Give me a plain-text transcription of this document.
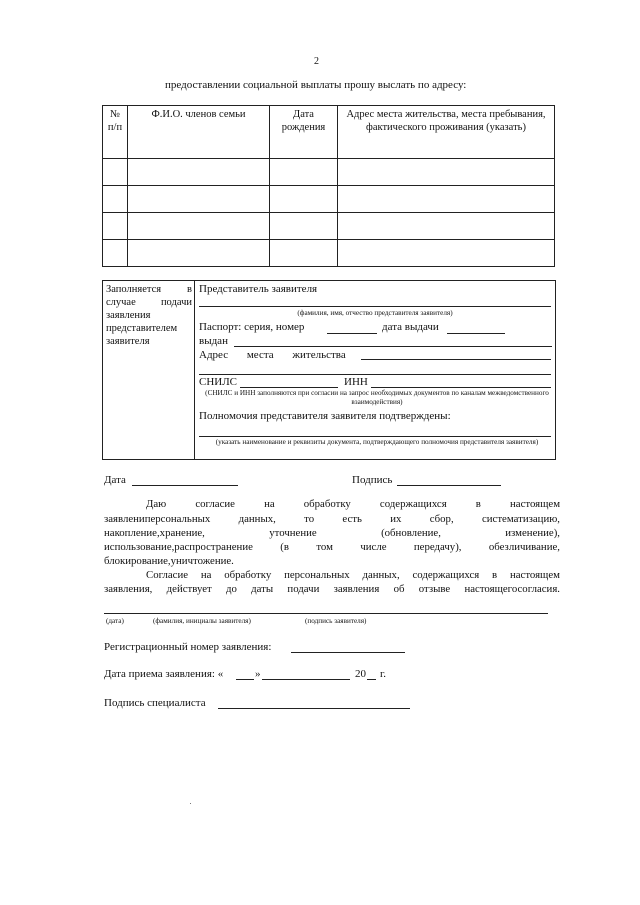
2
предоставлении социальной выплаты прошу выслать по адресу:
№ п/п	Ф.И.О. членов семьи	Дата рождения	Адрес места жительства, места пребывания, фактического проживания (указать)

Заполняется в случае подачи заявления представителем заявителя
Представитель заявителя
(фамилия, имя, отчество представителя заявителя)
Паспорт: серия, номер	дата выдачи
выдан
Адрес места жительства
СНИЛС	ИНН
(СНИЛС и ИНН заполняются при согласии на запрос необходимых документов по каналам межведомственного взаимодействия)
Полномочия представителя заявителя подтверждены:
(указать наименование и реквизиты документа, подтверждающего полномочия представителя заявителя)
Дата	Подпись
Даю	согласие	на	обработку	содержащихся	в	настоящем
заявлениперсональных	данных,	то	есть	их	сбор,	систематизацию,
накопление,хранение,	уточнение	(обновление,	изменение),
использование,распространение	(в	том	числе	передачу),	обезличивание,
блокирование,уничтожение.
Согласие на обработку персональных данных, содержащихся в настоящем
заявления, действует до даты подачи заявления об отзыве настоящегосогласия.
(дата)	(фамилия, инициалы заявителя)	(подпись заявителя)
Регистрационный номер заявления:
Дата приема заявления: «	»	20 г.
Подпись специалиста
